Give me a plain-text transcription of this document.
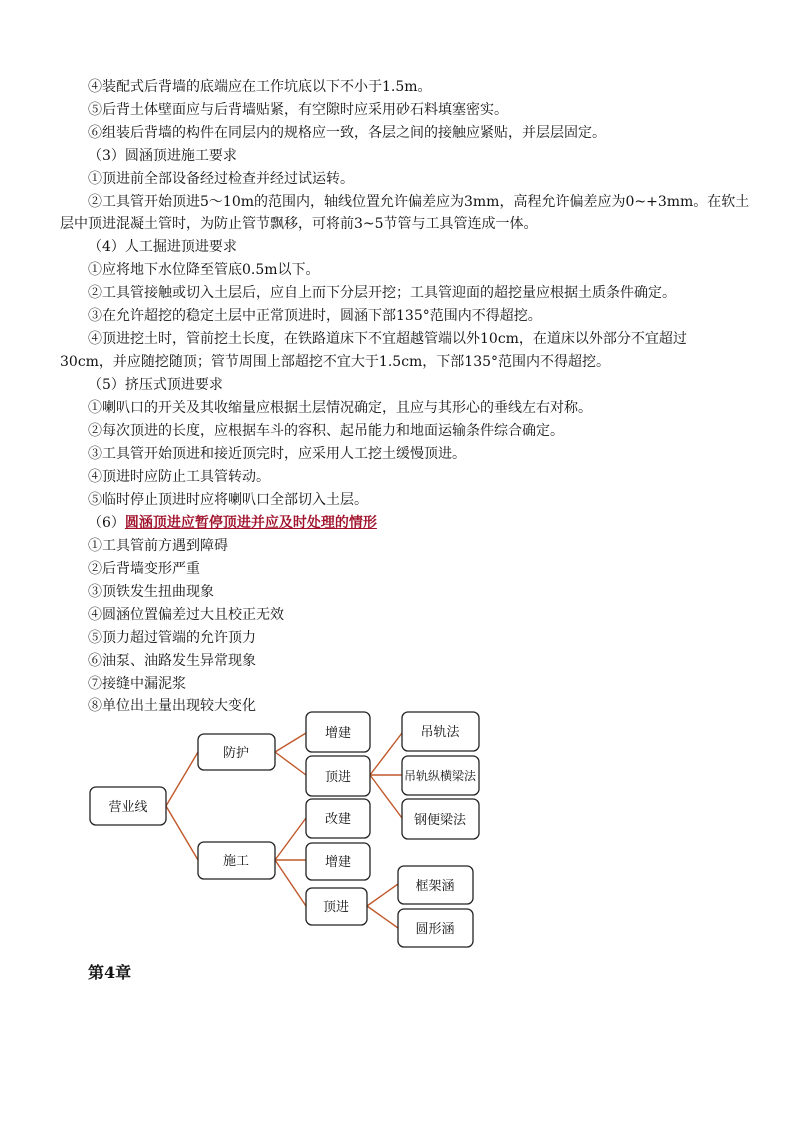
④装配式后背墙的底端应在工作坑底以下不小于1.5m。
⑤后背土体壁面应与后背墙贴紧，有空隙时应采用砂石料填塞密实。
⑥组装后背墙的构件在同层内的规格应一致，各层之间的接触应紧贴，并层层固定。
（3）圆涵顶进施工要求
①顶进前全部设备经过检查并经过试运转。
②工具管开始顶进5～10m的范围内，轴线位置允许偏差应为3mm，高程允许偏差应为0~+3mm。在软土
层中顶进混凝土管时，为防止管节飘移，可将前3~5节管与工具管连成一体。
（4）人工掘进顶进要求
①应将地下水位降至管底0.5m以下。
②工具管接触或切入土层后，应自上而下分层开挖；工具管迎面的超挖量应根据土质条件确定。
③在允许超挖的稳定土层中正常顶进时，圆涵下部135°范围内不得超挖。
④顶进挖土时，管前挖土长度，在铁路道床下不宜超越管端以外10cm，在道床以外部分不宜超过
30cm，并应随挖随顶；管节周围上部超挖不宜大于1.5cm，下部135°范围内不得超挖。
（5）挤压式顶进要求
①喇叭口的开关及其收缩量应根据土层情况确定，且应与其形心的垂线左右对称。
②每次顶进的长度，应根据车斗的容积、起吊能力和地面运输条件综合确定。
③工具管开始顶进和接近顶完时，应采用人工挖土缓慢顶进。
④顶进时应防止工具管转动。
⑤临时停止顶进时应将喇叭口全部切入土层。
（6）圆涵顶进应暂停顶进并应及时处理的情形
①工具管前方遇到障碍
②后背墙变形严重
③顶铁发生扭曲现象
④圆涵位置偏差过大且校正无效
⑤顶力超过管端的允许顶力
⑥油泵、油路发生异常现象
⑦接缝中漏泥浆
⑧单位出土量出现较大变化
营业线
防护
施工
增建
顶进
改建
增建
顶进
吊轨法
吊轨纵横梁法
钢便梁法
框架涵
圆形涵
第4章
